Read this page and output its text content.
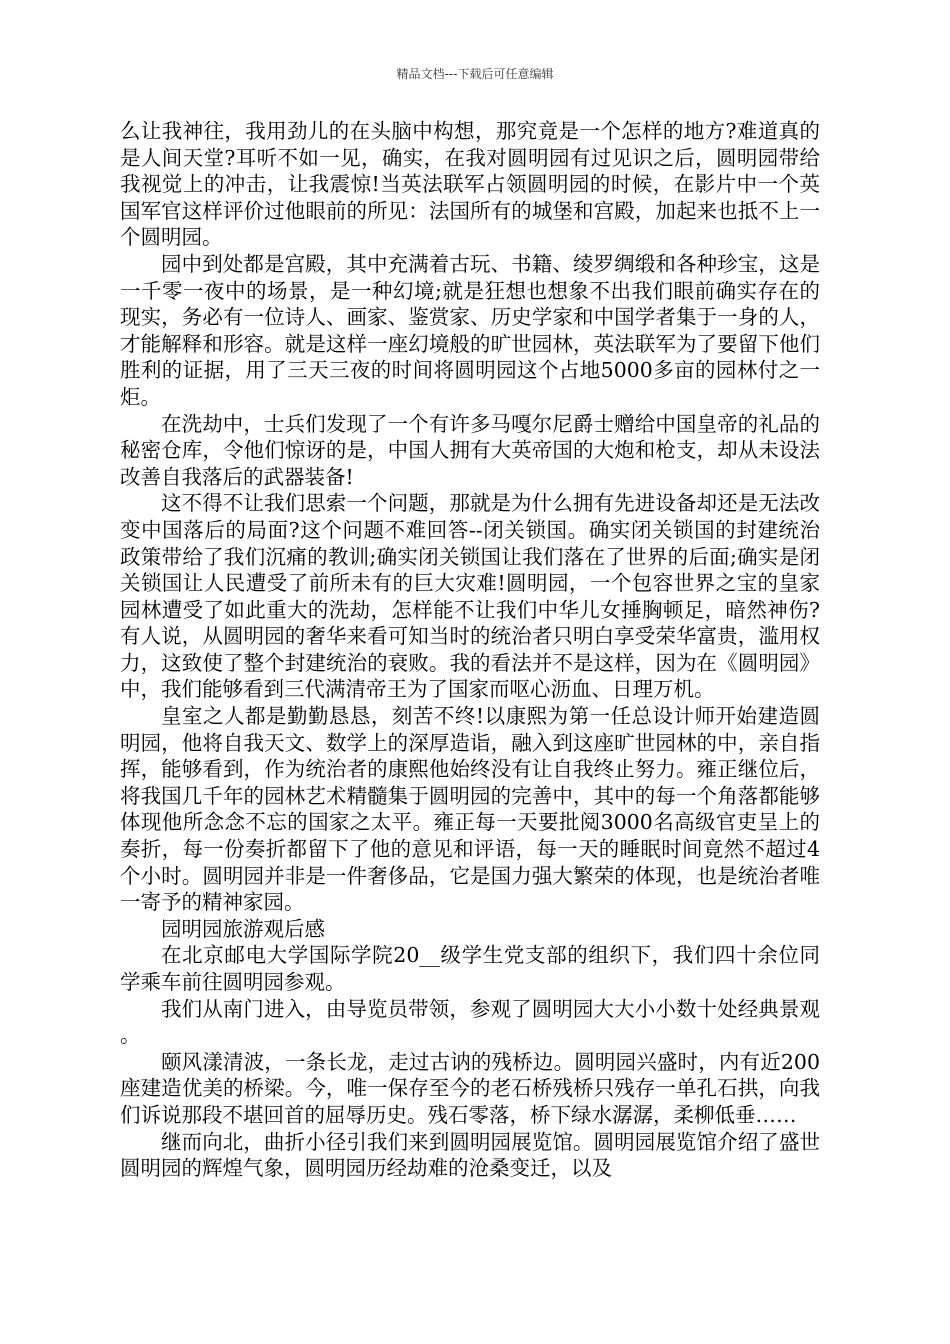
精品文档---下载后可任意编辑

么让我神往，我用劲儿的在头脑中构想，那究竟是一个怎样的地方?难道真的是人间天堂?耳听不如一见，确实，在我对圆明园有过见识之后，圆明园带给我视觉上的冲击，让我震惊!当英法联军占领圆明园的时候，在影片中一个英国军官这样评价过他眼前的所见：法国所有的城堡和宫殿，加起来也抵不上一个圆明园。

园中到处都是宫殿，其中充满着古玩、书籍、绫罗绸缎和各种珍宝，这是一千零一夜中的场景，是一种幻境;就是狂想也想象不出我们眼前确实存在的现实，务必有一位诗人、画家、鉴赏家、历史学家和中国学者集于一身的人，才能解释和形容。就是这样一座幻境般的旷世园林，英法联军为了要留下他们胜利的证据，用了三天三夜的时间将圆明园这个占地5000多亩的园林付之一炬。

在洗劫中，士兵们发现了一个有许多马嘎尔尼爵士赠给中国皇帝的礼品的秘密仓库，令他们惊讶的是，中国人拥有大英帝国的大炮和枪支，却从未设法改善自我落后的武器装备!

这不得不让我们思索一个问题，那就是为什么拥有先进设备却还是无法改变中国落后的局面?这个问题不难回答--闭关锁国。确实闭关锁国的封建统治政策带给了我们沉痛的教训;确实闭关锁国让我们落在了世界的后面;确实是闭关锁国让人民遭受了前所未有的巨大灾难!圆明园，一个包容世界之宝的皇家园林遭受了如此重大的洗劫，怎样能不让我们中华儿女捶胸顿足，暗然神伤?有人说，从圆明园的奢华来看可知当时的统治者只明白享受荣华富贵，滥用权力，这致使了整个封建统治的衰败。我的看法并不是这样，因为在《圆明园》中，我们能够看到三代满清帝王为了国家而呕心沥血、日理万机。

皇室之人都是勤勤恳恳，刻苦不终!以康熙为第一任总设计师开始建造圆明园，他将自我天文、数学上的深厚造诣，融入到这座旷世园林的中，亲自指挥，能够看到，作为统治者的康熙他始终没有让自我终止努力。雍正继位后，将我国几千年的园林艺术精髓集于圆明园的完善中，其中的每一个角落都能够体现他所念念不忘的国家之太平。雍正每一天要批阅3000名高级官吏呈上的奏折，每一份奏折都留下了他的意见和评语，每一天的睡眠时间竟然不超过4个小时。圆明园并非是一件奢侈品，它是国力强大繁荣的体现，也是统治者唯一寄予的精神家园。

园明园旅游观后感

在北京邮电大学国际学院20__级学生党支部的组织下，我们四十余位同学乘车前往圆明园参观。

我们从南门进入，由导览员带领，参观了圆明园大大小小数十处经典景观。

颐风漾清波，一条长龙，走过古讷的残桥边。圆明园兴盛时，内有近200座建造优美的桥梁。今，唯一保存至今的老石桥残桥只残存一单孔石拱，向我们诉说那段不堪回首的屈辱历史。残石零落，桥下绿水潺潺，柔柳低垂……

继而向北，曲折小径引我们来到圆明园展览馆。圆明园展览馆介绍了盛世圆明园的辉煌气象，圆明园历经劫难的沧桑变迁，以及
